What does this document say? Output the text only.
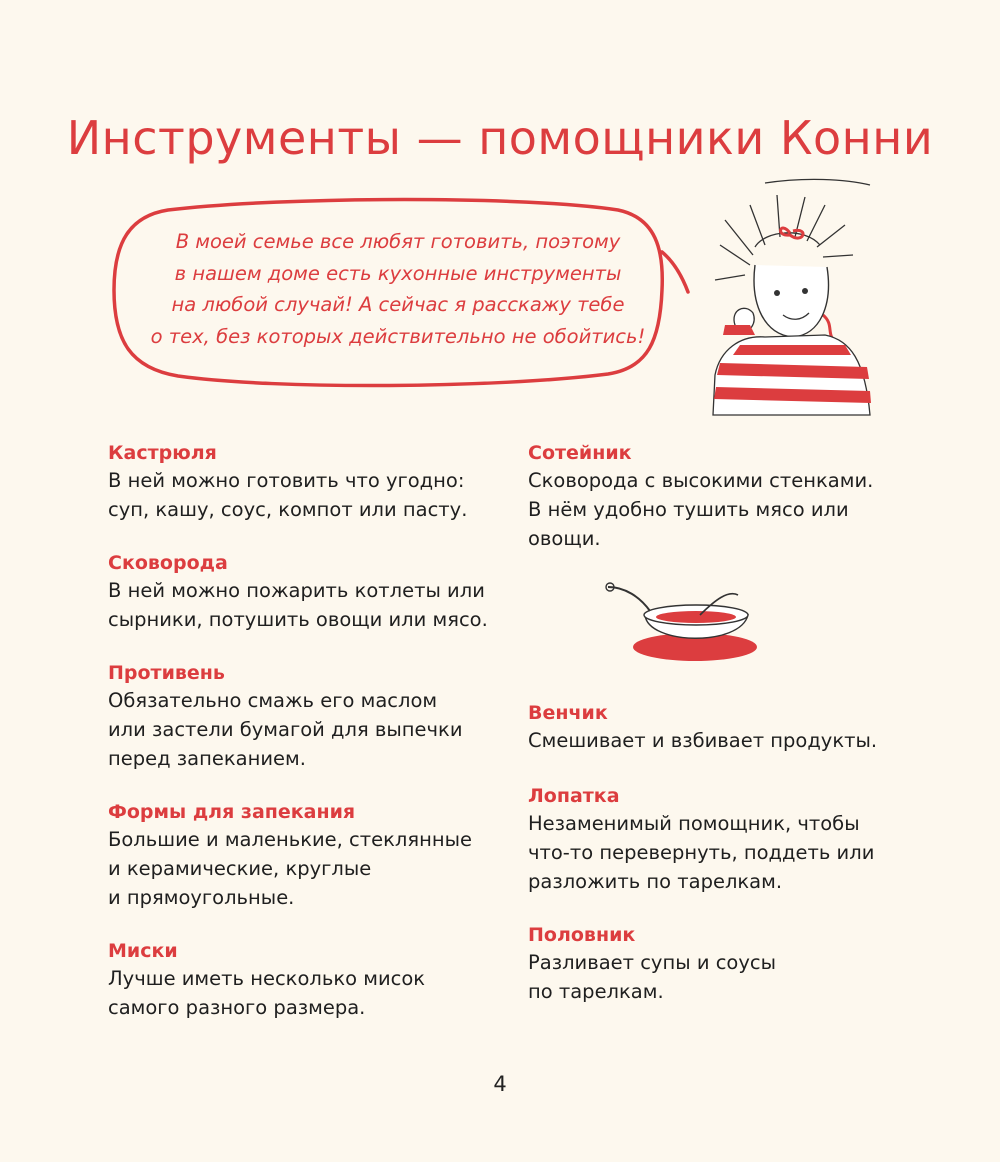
Инструменты — помощники Конни
В моей семье все любят готовить, поэтому
в нашем доме есть кухонные инструменты
на любой случай! А сейчас я расскажу тебе
о тех, без которых действительно не обойтись!
Кастрюля

В ней можно готовить что угодно:
суп, кашу, соус, компот или пасту.

Сковорода

В ней можно пожарить котлеты или
сырники, потушить овощи или мясо.

Противень

Обязательно смажь его маслом
или застели бумагой для выпечки
перед запеканием.

Формы для запекания

Большие и маленькие, стеклянные
и керамические, круглые
и прямоугольные.

Миски

Лучше иметь несколько мисок
самого разного размера.

Сотейник

Сковорода с высокими стенками.
В нём удобно тушить мясо или
овощи.

Венчик

Смешивает и взбивает продукты.

Лопатка

Незаменимый помощник, чтобы
что-то перевернуть, поддеть или
разложить по тарелкам.

Половник

Разливает супы и соусы
по тарелкам.

4
